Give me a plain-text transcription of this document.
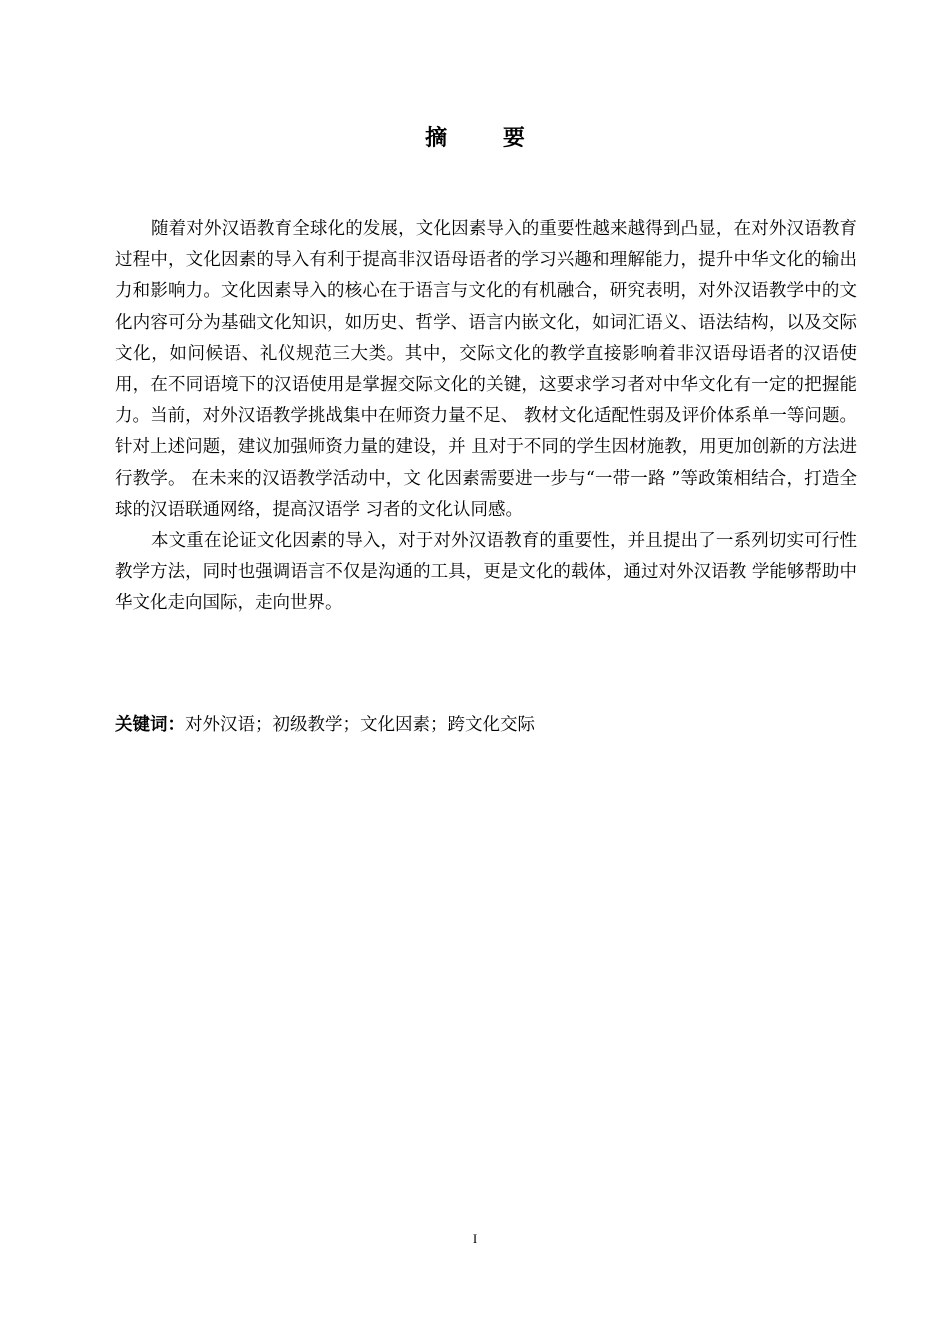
摘 要

随着对外汉语教育全球化的发展，文化因素导入的重要性越来越得到凸显，在对外汉语教育过程中，文化因素的导入有利于提高非汉语母语者的学习兴趣和理解能力，提升中华文化的输出力和影响力。文化因素导入的核心在于语言与文化的有机融合，研究表明，对外汉语教学中的文化内容可分为基础文化知识，如历史、哲学、语言内嵌文化，如词汇语义、语法结构，以及交际文化，如问候语、礼仪规范三大类。其中，交际文化的教学直接影响着非汉语母语者的汉语使用，在不同语境下的汉语使用是掌握交际文化的关键，这要求学习者对中华文化有一定的把握能力。当前，对外汉语教学挑战集中在师资力量不足、 教材文化适配性弱及评价体系单一等问题。针对上述问题，建议加强师资力量的建设，并 且对于不同的学生因材施教，用更加创新的方法进行教学。 在未来的汉语教学活动中，文 化因素需要进一步与“一带一路 ”等政策相结合，打造全球的汉语联通网络，提高汉语学 习者的文化认同感。

本文重在论证文化因素的导入，对于对外汉语教育的重要性，并且提出了一系列切实可行性教学方法，同时也强调语言不仅是沟通的工具，更是文化的载体，通过对外汉语教 学能够帮助中华文化走向国际，走向世界。

关键词：对外汉语；初级教学；文化因素；跨文化交际

I
